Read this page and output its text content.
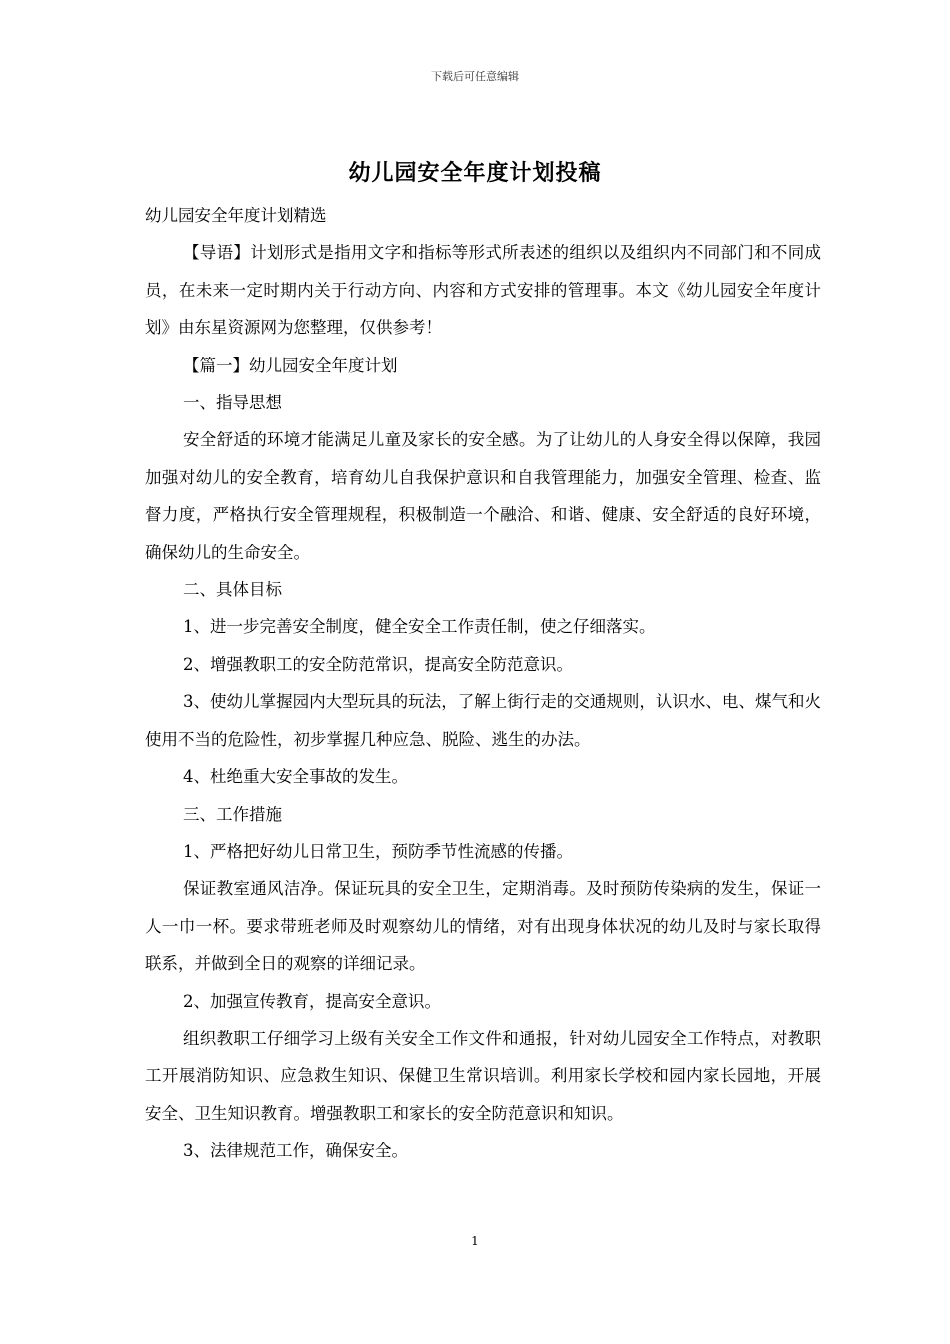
下载后可任意编辑
幼儿园安全年度计划投稿

幼儿园安全年度计划精选

【导语】计划形式是指用文字和指标等形式所表述的组织以及组织内不同部门和不同成员，在未来一定时期内关于行动方向、内容和方式安排的管理事。本文《幼儿园安全年度计划》由东星资源网为您整理，仅供参考！

【篇一】幼儿园安全年度计划

一、指导思想

安全舒适的环境才能满足儿童及家长的安全感。为了让幼儿的人身安全得以保障，我园加强对幼儿的安全教育，培育幼儿自我保护意识和自我管理能力，加强安全管理、检查、监督力度，严格执行安全管理规程，积极制造一个融洽、和谐、健康、安全舒适的良好环境，确保幼儿的生命安全。

二、具体目标

1、进一步完善安全制度，健全安全工作责任制，使之仔细落实。

2、增强教职工的安全防范常识，提高安全防范意识。

3、使幼儿掌握园内大型玩具的玩法，了解上街行走的交通规则，认识水、电、煤气和火使用不当的危险性，初步掌握几种应急、脱险、逃生的办法。

4、杜绝重大安全事故的发生。

三、工作措施

1、严格把好幼儿日常卫生，预防季节性流感的传播。

保证教室通风洁净。保证玩具的安全卫生，定期消毒。及时预防传染病的发生，保证一人一巾一杯。要求带班老师及时观察幼儿的情绪，对有出现身体状况的幼儿及时与家长取得联系，并做到全日的观察的详细记录。

2、加强宣传教育，提高安全意识。

组织教职工仔细学习上级有关安全工作文件和通报，针对幼儿园安全工作特点，对教职工开展消防知识、应急救生知识、保健卫生常识培训。利用家长学校和园内家长园地，开展安全、卫生知识教育。增强教职工和家长的安全防范意识和知识。

3、法律规范工作，确保安全。

1
